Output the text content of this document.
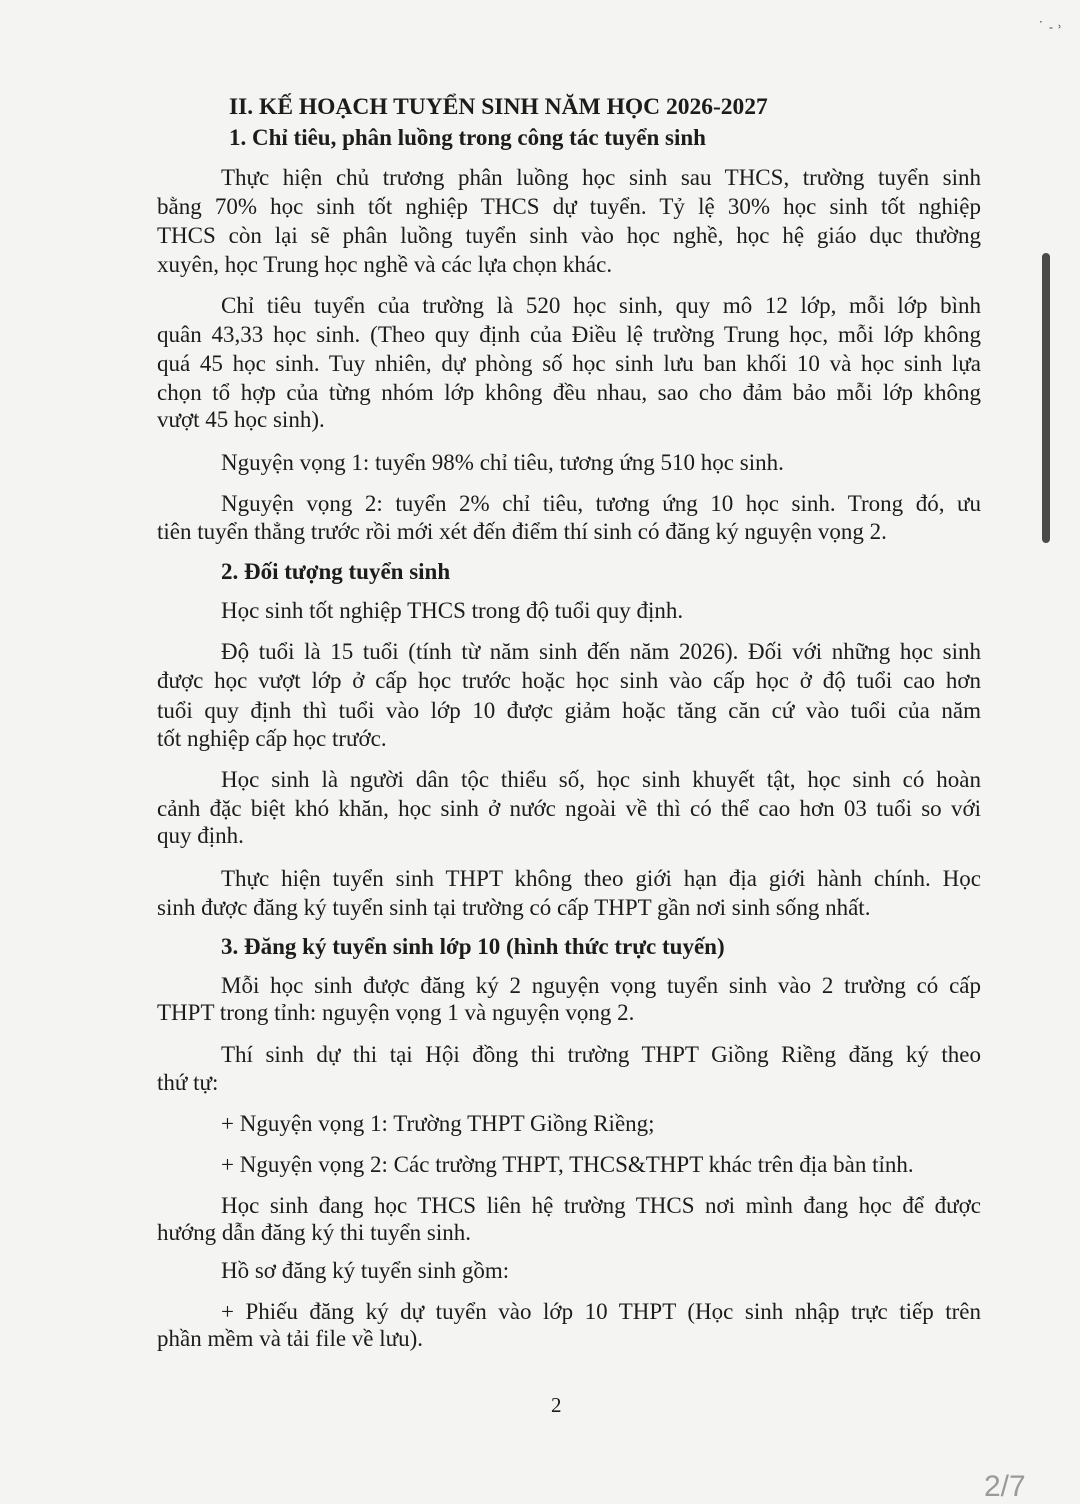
˙ ˗ ˒
II. KẾ HOẠCH TUYỂN SINH NĂM HỌC 2026-2027
1. Chỉ tiêu, phân luồng trong công tác tuyển sinh
Thực hiện chủ trương phân luồng học sinh sau THCS, trường tuyển sinh
bằng 70% học sinh tốt nghiệp THCS dự tuyển. Tỷ lệ 30% học sinh tốt nghiệp
THCS còn lại sẽ phân luồng tuyển sinh vào học nghề, học hệ giáo dục thường
xuyên, học Trung học nghề và các lựa chọn khác.
Chỉ tiêu tuyển của trường là 520 học sinh, quy mô 12 lớp, mỗi lớp bình
quân 43,33 học sinh. (Theo quy định của Điều lệ trường Trung học, mỗi lớp không
quá 45 học sinh. Tuy nhiên, dự phòng số học sinh lưu ban khối 10 và học sinh lựa
chọn tổ hợp của từng nhóm lớp không đều nhau, sao cho đảm bảo mỗi lớp không
vượt 45 học sinh).
Nguyện vọng 1: tuyển 98% chỉ tiêu, tương ứng 510 học sinh.
Nguyện vọng 2: tuyển 2% chỉ tiêu, tương ứng 10 học sinh. Trong đó, ưu
tiên tuyển thẳng trước rồi mới xét đến điểm thí sinh có đăng ký nguyện vọng 2.
2. Đối tượng tuyển sinh
Học sinh tốt nghiệp THCS trong độ tuổi quy định.
Độ tuổi là 15 tuổi (tính từ năm sinh đến năm 2026). Đối với những học sinh
được học vượt lớp ở cấp học trước hoặc học sinh vào cấp học ở độ tuổi cao hơn
tuổi quy định thì tuổi vào lớp 10 được giảm hoặc tăng căn cứ vào tuổi của năm
tốt nghiệp cấp học trước.
Học sinh là người dân tộc thiểu số, học sinh khuyết tật, học sinh có hoàn
cảnh đặc biệt khó khăn, học sinh ở nước ngoài về thì có thể cao hơn 03 tuổi so với
quy định.
Thực hiện tuyển sinh THPT không theo giới hạn địa giới hành chính. Học
sinh được đăng ký tuyển sinh tại trường có cấp THPT gần nơi sinh sống nhất.
3. Đăng ký tuyển sinh lớp 10 (hình thức trực tuyến)
Mỗi học sinh được đăng ký 2 nguyện vọng tuyển sinh vào 2 trường có cấp
THPT trong tỉnh: nguyện vọng 1 và nguyện vọng 2.
Thí sinh dự thi tại Hội đồng thi trường THPT Giồng Riềng đăng ký theo
thứ tự:
+ Nguyện vọng 1: Trường THPT Giồng Riềng;
+ Nguyện vọng 2: Các trường THPT, THCS&THPT khác trên địa bàn tỉnh.
Học sinh đang học THCS liên hệ trường THCS nơi mình đang học để được
hướng dẫn đăng ký thi tuyển sinh.
Hồ sơ đăng ký tuyển sinh gồm:
+ Phiếu đăng ký dự tuyển vào lớp 10 THPT (Học sinh nhập trực tiếp trên
phần mềm và tải file về lưu).
2
2/7
